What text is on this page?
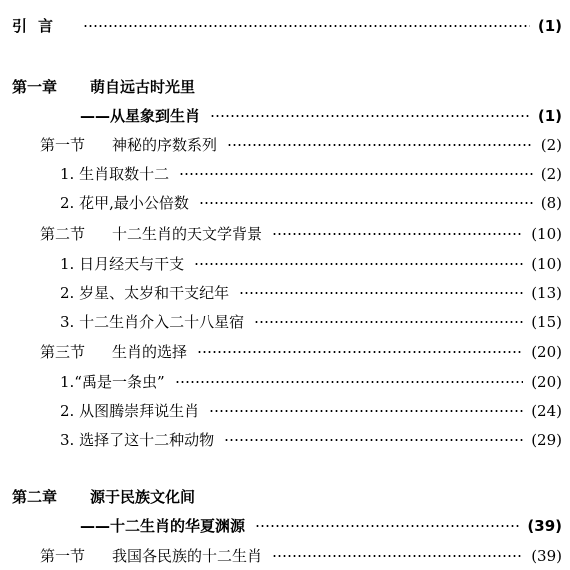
引 言	(1)
第一章 萌自远古时光里
——从星象到生肖	(1)
第一节 神秘的序数系列	(2)
1. 生肖取数十二	(2)
2. 花甲,最小公倍数	(8)
第二节 十二生肖的天文学背景	(10)
1. 日月经天与干支	(10)
2. 岁星、太岁和干支纪年	(13)
3. 十二生肖介入二十八星宿	(15)
第三节 生肖的选择	(20)
1.“禹是一条虫”	(20)
2. 从图腾崇拜说生肖	(24)
3. 选择了这十二种动物	(29)
第二章 源于民族文化间
——十二生肖的华夏渊源	(39)
第一节 我国各民族的十二生肖	(39)
